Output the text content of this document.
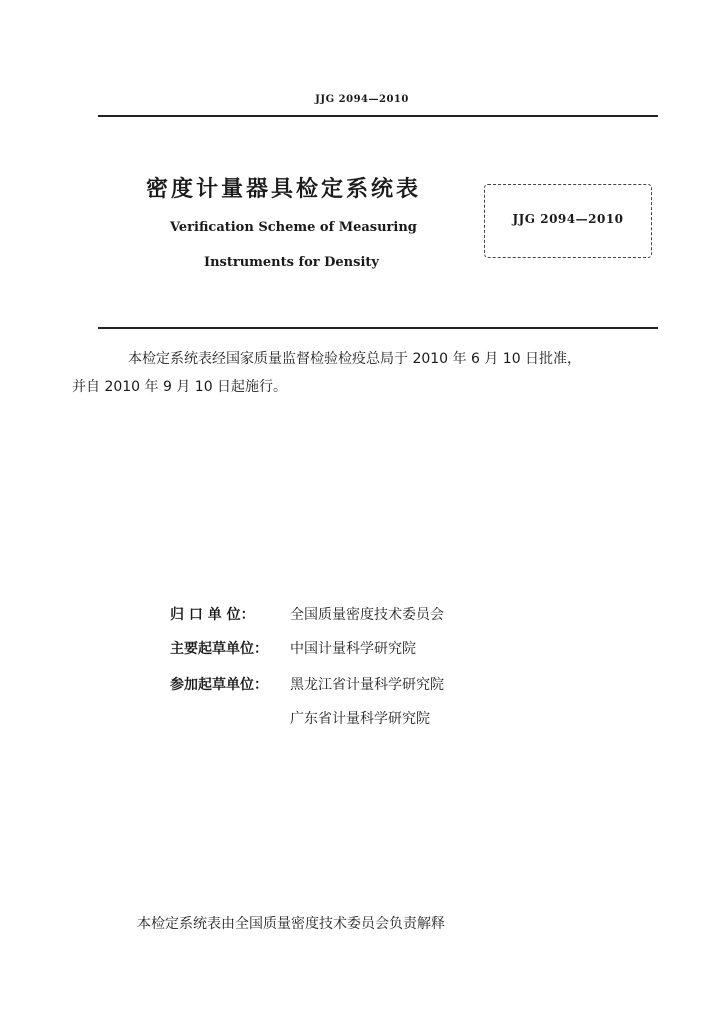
JJG 2094—2010
密度计量器具检定系统表
Verification Scheme of Measuring
Instruments for Density
JJG 2094—2010
本检定系统表经国家质量监督检验检疫总局于 2010 年 6 月 10 日批准，
并自 2010 年 9 月 10 日起施行。
归 口 单 位：	全国质量密度技术委员会
主要起草单位：	中国计量科学研究院
参加起草单位：	黑龙江省计量科学研究院
广东省计量科学研究院
本检定系统表由全国质量密度技术委员会负责解释
